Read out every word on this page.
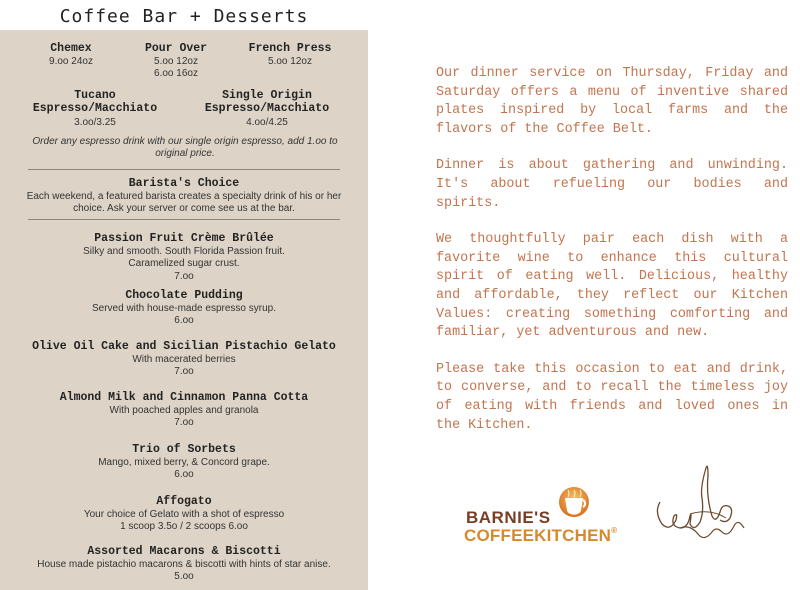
Coffee Bar + Desserts
Chemex
9.oo 24oz
Pour Over
5.oo 12oz
6.oo 16oz
French Press
5.oo 12oz
Tucano
Espresso/Macchiato
3.oo/3.25
Single Origin
Espresso/Macchiato
4.oo/4.25
Order any espresso drink with our single origin espresso, add 1.oo to original price.
Barista's Choice
Each weekend, a featured barista creates a specialty drink of his or her choice. Ask your server or come see us at the bar.
Passion Fruit Crème Brûlée
Silky and smooth. South Florida Passion fruit.
Caramelized sugar crust.
7.oo
Chocolate Pudding
Served with house-made espresso syrup.
6.oo
Olive Oil Cake and Sicilian Pistachio Gelato
With macerated berries
7.oo
Almond Milk and Cinnamon Panna Cotta
With poached apples and granola
7.oo
Trio of Sorbets
Mango, mixed berry, & Concord grape.
6.oo
Affogato
Your choice of Gelato with a shot of espresso
1 scoop 3.5o / 2 scoops 6.oo
Assorted Macarons & Biscotti
House made pistachio macarons & biscotti with hints of star anise.
5.oo

Our dinner service on Thursday, Friday and Saturday offers a menu of inventive shared plates inspired by local farms and the flavors of the Coffee Belt.

Dinner is about gathering and unwinding. It's about refueling our bodies and spirits.

We thoughtfully pair each dish with a favorite wine to enhance this cultural spirit of eating well. Delicious, healthy and affordable, they reflect our Kitchen Values: creating something comforting and familiar, yet adventurous and new.

Please take this occasion to eat and drink, to converse, and to recall the timeless joy of eating with friends and loved ones in the Kitchen.

BARNIE'S
COFFEEKITCHEN®
